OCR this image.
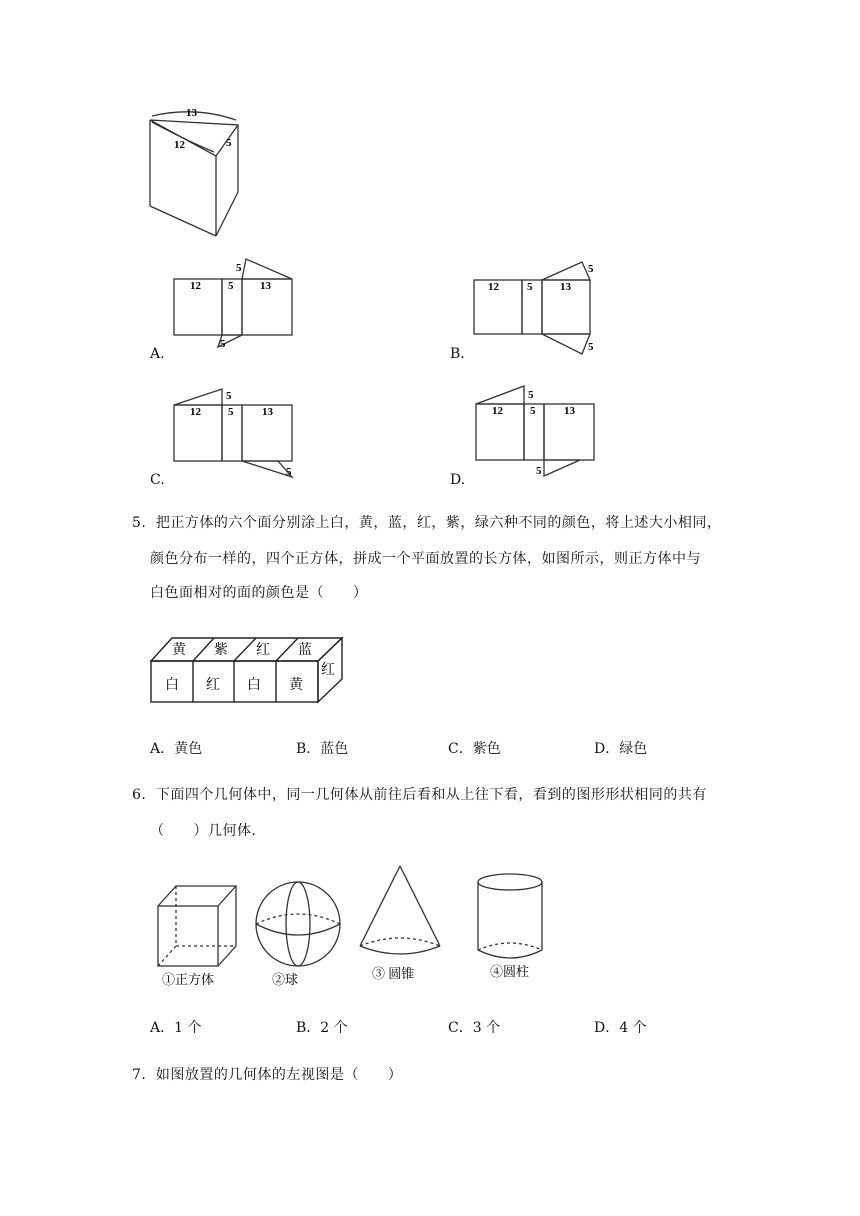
13
12	5
12 5 13
5
5
A.
12	5	13
5
5
B.
12 5	13
5
5
C.
12 5	13
5
5
D.
5．把正方体的六个面分别涂上白，黄，蓝，红，紫，绿六种不同的颜色，将上述大小相同，
颜色分布一样的，四个正方体，拼成一个平面放置的长方体，如图所示，则正方体中与
白色面相对的面的颜色是（　　）
黄 紫 红 蓝
白 红 白 黄
红
A．黄色	B．蓝色	C．紫色	D．绿色
6．下面四个几何体中，同一几何体从前往后看和从上往下看，看到的图形形状相同的共有
（　　）几何体．
①正方体	②球	③ 圆锥	④圆柱
A．1 个	B．2 个	C．3 个	D．4 个
7．如图放置的几何体的左视图是（　　）
